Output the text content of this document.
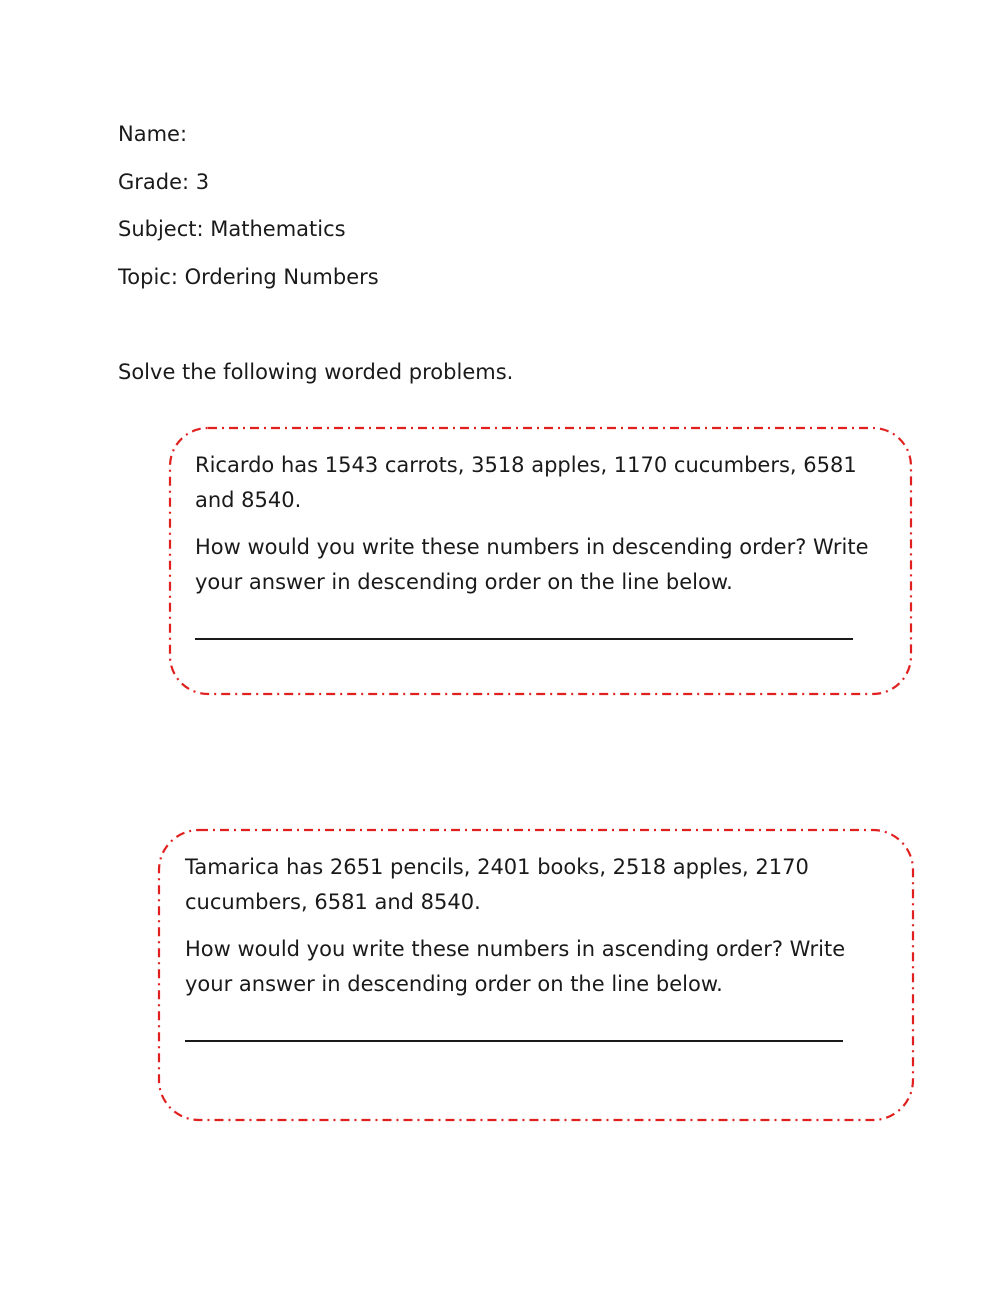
Name:
Grade: 3
Subject: Mathematics
Topic: Ordering Numbers
Solve the following worded problems.
Ricardo has 1543 carrots, 3518 apples, 1170 cucumbers, 6581
and 8540.
How would you write these numbers in descending order? Write
your answer in descending order on the line below.
Tamarica has 2651 pencils, 2401 books, 2518 apples, 2170
cucumbers, 6581 and 8540.
How would you write these numbers in ascending order? Write
your answer in descending order on the line below.
